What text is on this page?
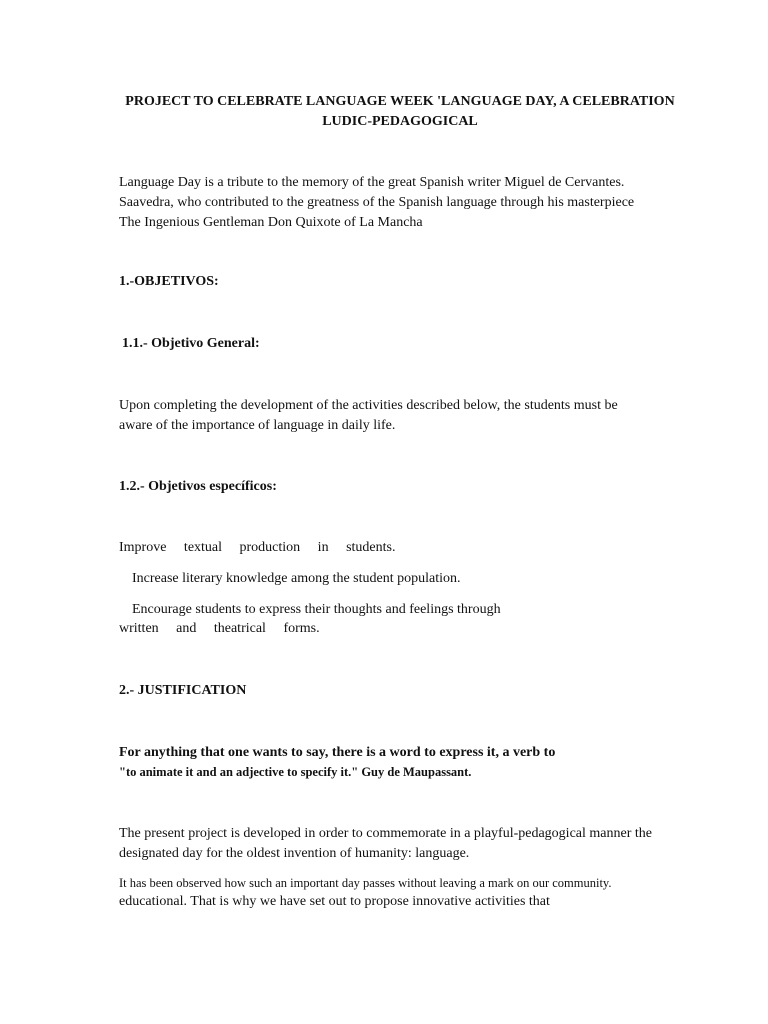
PROJECT TO CELEBRATE LANGUAGE WEEK 'LANGUAGE DAY, A CELEBRATION
LUDIC-PEDAGOGICAL

Language Day is a tribute to the memory of the great Spanish writer Miguel de Cervantes.
Saavedra, who contributed to the greatness of the Spanish language through his masterpiece
The Ingenious Gentleman Don Quixote of La Mancha

1.-OBJETIVOS:

1.1.- Objetivo General:

Upon completing the development of the activities described below, the students must be
aware of the importance of language in daily life.

1.2.- Objetivos específicos:

Improve textual production in students.

Increase literary knowledge among the student population.

Encourage students to express their thoughts and feelings through

written and theatrical forms.

2.- JUSTIFICATION

For anything that one wants to say, there is a word to express it, a verb to

"to animate it and an adjective to specify it." Guy de Maupassant.

The present project is developed in order to commemorate in a playful-pedagogical manner the
designated day for the oldest invention of humanity: language.

It has been observed how such an important day passes without leaving a mark on our community.

educational. That is why we have set out to propose innovative activities that
